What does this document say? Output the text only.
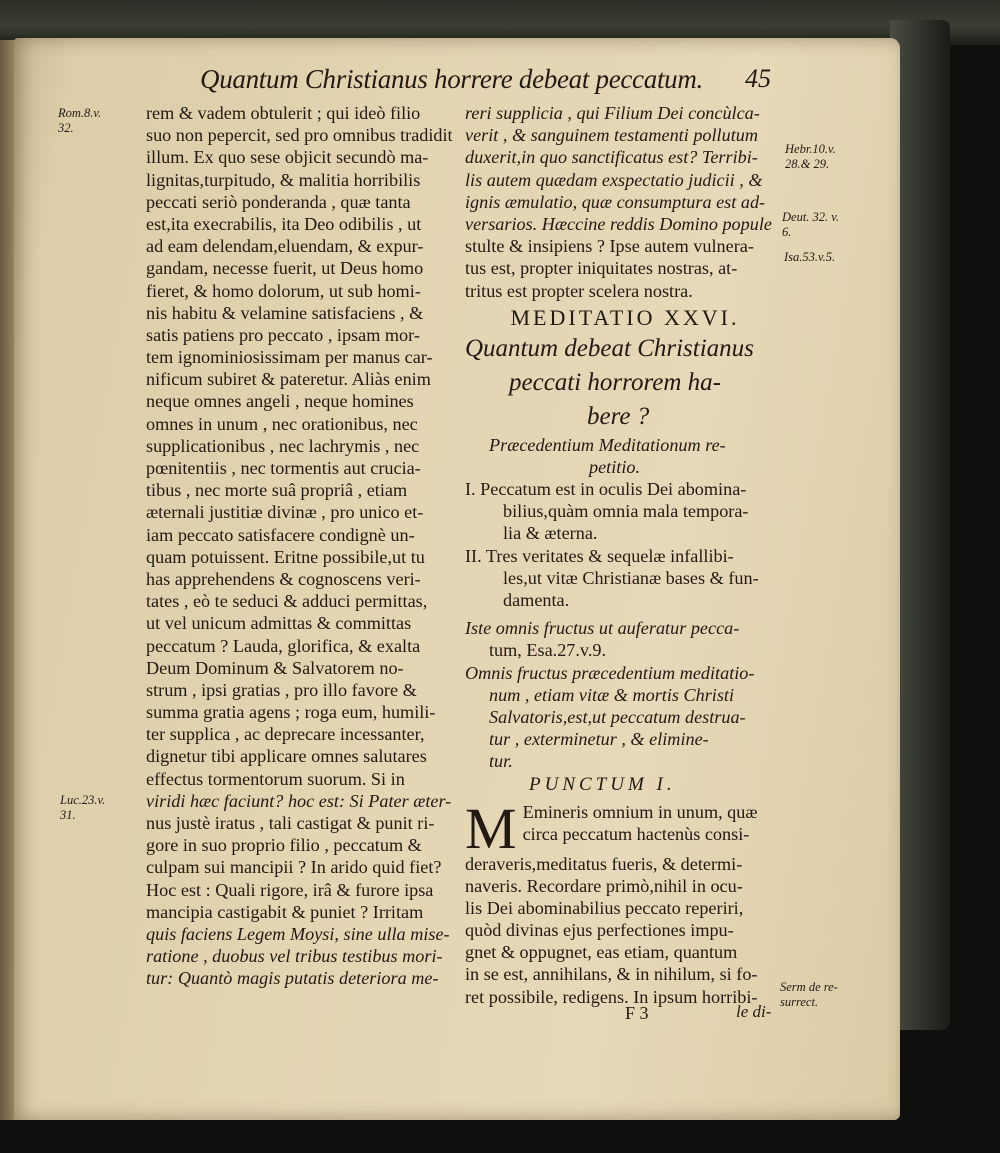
Quantum Christianus horrere debeat peccatum.	45
Rom.8.v.
32.
Hebr.10.v.
28.& 29.
Deut. 32. v.
6.
Isa.53.v.5.
Luc.23.v.
31.
Serm de re-
surrect.
rem & vadem obtulerit ; qui ideò filio
suo non pepercit, sed pro omnibus tradidit
illum. Ex quo sese objicit secundò ma-
lignitas,turpitudo, & malitia horribilis
peccati seriò ponderanda , quæ tanta
est,ita execrabilis, ita Deo odibilis , ut
ad eam delendam,eluendam, & expur-
gandam, necesse fuerit, ut Deus homo
fieret, & homo dolorum, ut sub homi-
nis habitu & velamine satisfaciens , &
satis patiens pro peccato , ipsam mor-
tem ignominiosissimam per manus car-
nificum subiret & pateretur. Aliàs enim
neque omnes angeli , neque homines
omnes in unum , nec orationibus, nec
supplicationibus , nec lachrymis , nec
pœnitentiis , nec tormentis aut crucia-
tibus , nec morte suâ propriâ , etiam
æternali justitiæ divinæ , pro unico et-
iam peccato satisfacere condignè un-
quam potuissent. Eritne possibile,ut tu
has apprehendens & cognoscens veri-
tates , eò te seduci & adduci permittas,
ut vel unicum admittas & committas
peccatum ? Lauda, glorifica, & exalta
Deum Dominum & Salvatorem no-
strum , ipsi gratias , pro illo favore &
summa gratia agens ; roga eum, humili-
ter supplica , ac deprecare incessanter,
dignetur tibi applicare omnes salutares
effectus tormentorum suorum. Si in
viridi hæc faciunt? hoc est: Si Pater æter-
nus justè iratus , tali castigat & punit ri-
gore in suo proprio filio , peccatum &
culpam sui mancipii ? In arido quid fiet?
Hoc est : Quali rigore, irâ & furore ipsa
mancipia castigabit & puniet ? Irritam
quis faciens Legem Moysi, sine ulla mise-
ratione , duobus vel tribus testibus mori-
tur: Quantò magis putatis deteriora me-
reri supplicia , qui Filium Dei concùlca-
verit , & sanguinem testamenti pollutum
duxerit,in quo sanctificatus est? Terribi-
lis autem quædam exspectatio judicii , &
ignis æmulatio, quæ consumptura est ad-
versarios. Hæccine reddis Domino popule
stulte & insipiens ? Ipse autem vulnera-
tus est, propter iniquitates nostras, at-
tritus est propter scelera nostra.
MEDITATIO XXVI.
Quantum debeat Christianus
peccati horrorem ha-
bere ?
Præcedentium Meditationum re-
petitio.
I. Peccatum est in oculis Dei abomina-
bilius,quàm omnia mala tempora-
lia & æterna.
II. Tres veritates & sequelæ infallibi-
les,ut vitæ Christianæ bases & fun-
damenta.
Iste omnis fructus ut auferatur pecca-
tum, Esa.27.v.9.
Omnis fructus præcedentium meditatio-
num , etiam vitæ & mortis Christi
Salvatoris,est,ut peccatum destrua-
tur , exterminetur , & elimine-
tur.
PUNCTUM I.
M Emineris omnium in unum, quæ
circa peccatum hactenùs consi-
deraveris,meditatus fueris, & determi-
naveris. Recordare primò,nihil in ocu-
lis Dei abominabilius peccato reperiri,
quòd divinas ejus perfectiones impu-
gnet & oppugnet, eas etiam, quantum
in se est, annihilans, & in nihilum, si fo-
ret possibile, redigens. In ipsum horribi-
F 3	le di-
